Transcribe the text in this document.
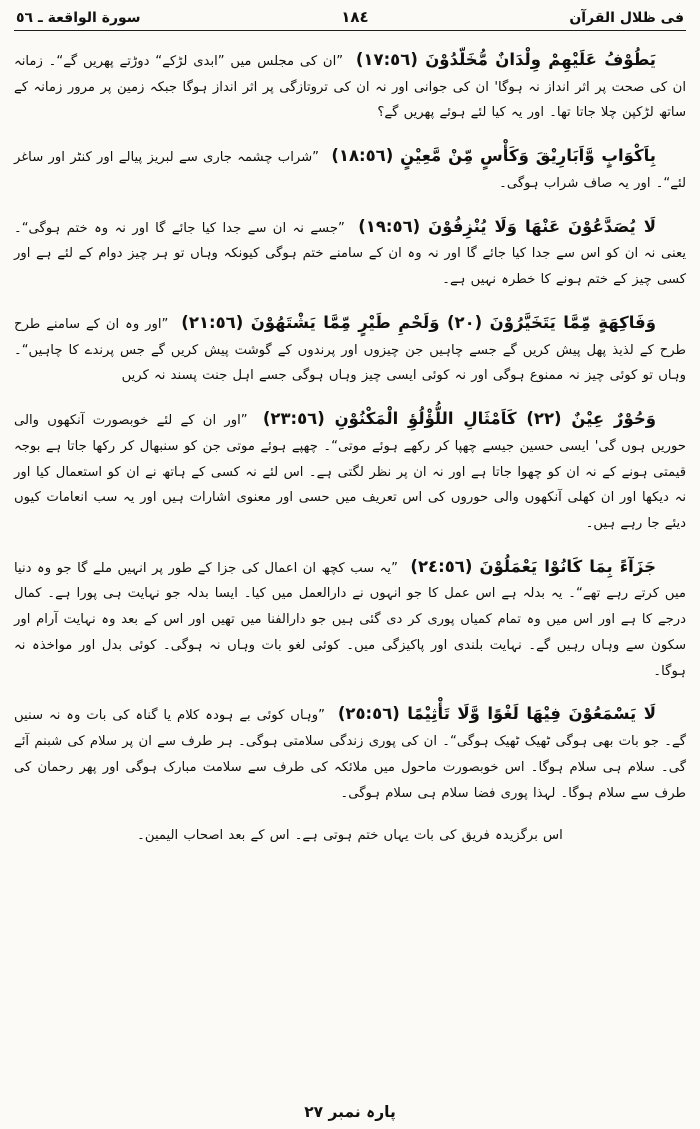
فی ظلال القرآن
١٨٤
سورة الواقعة ـ ٥٦

يَطُوْفُ عَلَيْهِمْ وِلْدَانٌ مُّخَلَّدُوْنَ (١٧:٥٦) ”ان کی مجلس میں ”ابدی لڑکے“ دوڑتے پھریں گے“۔ زمانہ ان کی صحت پر اثر انداز نہ ہوگا' ان کی جوانی اور نہ ان کی تروتازگی پر اثر انداز ہوگا جبکہ زمین پر مرور زمانہ کے ساتھ لڑکپن چلا جاتا تھا۔ اور یہ کیا لئے ہوئے پھریں گے؟

بِاَكْوَابٍ وَّاَبَارِيْقَ وَكَأْسٍ مِّنْ مَّعِيْنٍ (١٨:٥٦) ”شراب چشمہ جاری سے لبریز پیالے اور کنٹر اور ساغر لئے“۔ اور یہ صاف شراب ہوگی۔

لَا يُصَدَّعُوْنَ عَنْهَا وَلَا يُنْزِفُوْنَ (١٩:٥٦) ”جسے نہ ان سے جدا کیا جائے گا اور نہ وہ ختم ہوگی“۔ یعنی نہ ان کو اس سے جدا کیا جائے گا اور نہ وہ ان کے سامنے ختم ہوگی کیونکہ وہاں تو ہر چیز دوام کے لئے ہے اور کسی چیز کے ختم ہونے کا خطرہ نہیں ہے۔

وَفَاكِهَةٍ مِّمَّا يَتَخَيَّرُوْنَ (٢٠) وَلَحْمِ طَيْرٍ مِّمَّا يَشْتَهُوْنَ (٢١:٥٦) ”اور وہ ان کے سامنے طرح طرح کے لذیذ پھل پیش کریں گے جسے چاہیں جن چیزوں اور پرندوں کے گوشت پیش کریں گے جس پرندے کا چاہیں“۔ وہاں تو کوئی چیز نہ ممنوع ہوگی اور نہ کوئی ایسی چیز وہاں ہوگی جسے اہل جنت پسند نہ کریں

وَحُوْرٌ عِيْنٌ (٢٢) كَاَمْثَالِ اللُّؤْلُؤِ الْمَكْنُوْنِ (٢٣:٥٦) ”اور ان کے لئے خوبصورت آنکھوں والی حوریں ہوں گی' ایسی حسین جیسے چھپا کر رکھے ہوئے موتی“۔ چھپے ہوئے موتی جن کو سنبھال کر رکھا جاتا ہے بوجہ قیمتی ہونے کے نہ ان کو چھوا جاتا ہے اور نہ ان پر نظر لگتی ہے۔ اس لئے نہ کسی کے ہاتھ نے ان کو استعمال کیا اور نہ دیکھا اور ان کھلی آنکھوں والی حوروں کی اس تعریف میں حسی اور معنوی اشارات ہیں اور یہ سب انعامات کیوں دیئے جا رہے ہیں۔

جَزَآءً بِمَا كَانُوْا يَعْمَلُوْنَ (٢٤:٥٦) ”یہ سب کچھ ان اعمال کی جزا کے طور پر انہیں ملے گا جو وہ دنیا میں کرتے رہے تھے“۔ یہ بدلہ ہے اس عمل کا جو انہوں نے دارالعمل میں کیا۔ ایسا بدلہ جو نہایت ہی پورا ہے۔ کمال درجے کا ہے اور اس میں وہ تمام کمیاں پوری کر دی گئی ہیں جو دارالفنا میں تھیں اور اس کے بعد وہ نہایت آرام اور سکون سے وہاں رہیں گے۔ نہایت بلندی اور پاکیزگی میں۔ کوئی لغو بات وہاں نہ ہوگی۔ کوئی بدل اور مواخذہ نہ ہوگا۔

لَا يَسْمَعُوْنَ فِيْهَا لَغْوًا وَّلَا تَأْثِيْمًا (٢٥:٥٦) ”وہاں کوئی بے ہودہ کلام یا گناہ کی بات وہ نہ سنیں گے۔ جو بات بھی ہوگی ٹھیک ٹھیک ہوگی“۔ ان کی پوری زندگی سلامتی ہوگی۔ ہر طرف سے ان پر سلام کی شبنم آئے گی۔ سلام ہی سلام ہوگا۔ اس خوبصورت ماحول میں ملائکہ کی طرف سے سلامت مبارک ہوگی اور پھر رحمان کی طرف سے سلام ہوگا۔ لہذا پوری فضا سلام ہی سلام ہوگی۔

اس برگزیدہ فریق کی بات یہاں ختم ہوتی ہے۔ اس کے بعد اصحاب الیمین۔

پارہ نمبر ٢٧
